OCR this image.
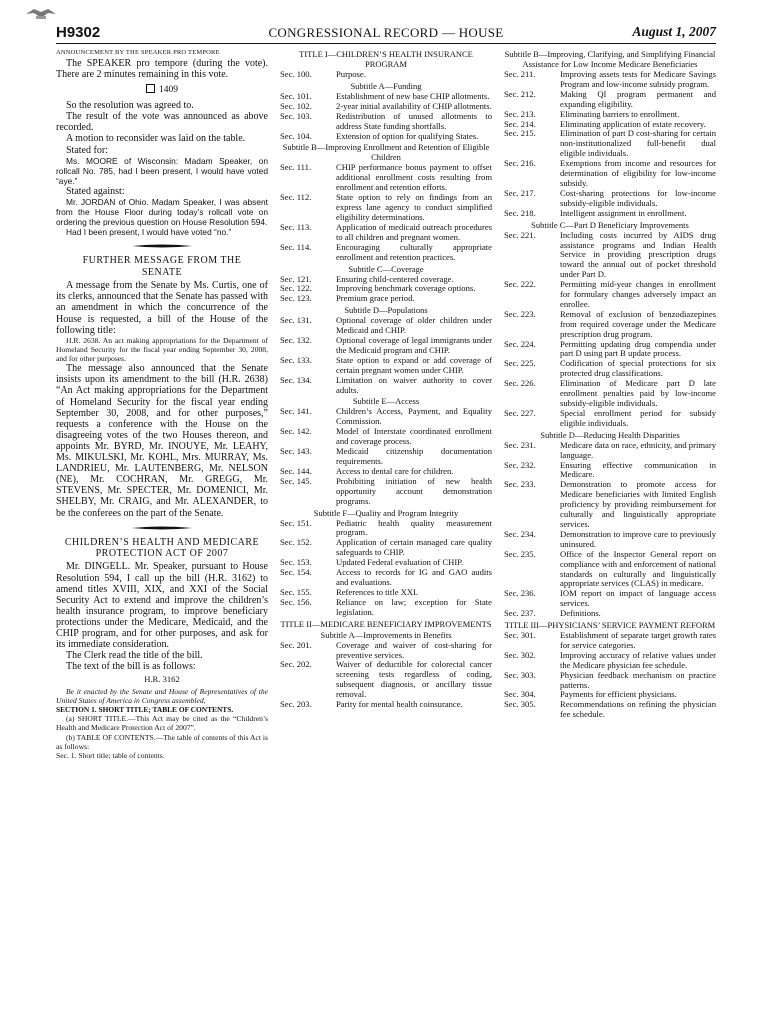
H9302	CONGRESSIONAL RECORD — HOUSE	August 1, 2007
ANNOUNCEMENT BY THE SPEAKER PRO TEMPORE

The SPEAKER pro tempore (during the vote). There are 2 minutes remaining in this vote.

1409

So the resolution was agreed to.

The result of the vote was announced as above recorded.

A motion to reconsider was laid on the table.

Stated for:

Ms. MOORE of Wisconsin: Madam Speaker, on rollcall No. 785, had I been present, I would have voted “aye.”

Stated against:

Mr. JORDAN of Ohio. Madam Speaker, I was absent from the House Floor during today’s rollcall vote on ordering the previous question on House Resolution 594.

Had I been present, I would have voted “no.”

FURTHER MESSAGE FROM THE SENATE

A message from the Senate by Ms. Curtis, one of its clerks, announced that the Senate has passed with an amendment in which the concurrence of the House is requested, a bill of the House of the following title:

H.R. 2638. An act making appropriations for the Department of Homeland Security for the fiscal year ending September 30, 2008, and for other purposes.

The message also announced that the Senate insists upon its amendment to the bill (H.R. 2638) “An Act making appropriations for the Department of Homeland Security for the fiscal year ending September 30, 2008, and for other purposes,” requests a conference with the House on the disagreeing votes of the two Houses thereon, and appoints Mr. BYRD, Mr. INOUYE, Mr. LEAHY, Ms. MIKULSKI, Mr. KOHL, Mrs. MURRAY, Ms. LANDRIEU, Mr. LAUTENBERG, Mr. NELSON (NE), Mr. COCHRAN, Mr. GREGG, Mr. STEVENS, Mr. SPECTER, Mr. DOMENICI, Mr. SHELBY, Mr. CRAIG, and Mr. ALEXANDER, to be the conferees on the part of the Senate.

CHILDREN’S HEALTH AND MEDICARE PROTECTION ACT OF 2007

Mr. DINGELL. Mr. Speaker, pursuant to House Resolution 594, I call up the bill (H.R. 3162) to amend titles XVIII, XIX, and XXI of the Social Security Act to extend and improve the children’s health insurance program, to improve beneficiary protections under the Medicare, Medicaid, and the CHIP program, and for other purposes, and ask for its immediate consideration.

The Clerk read the title of the bill.

The text of the bill is as follows:

H.R. 3162

Be it enacted by the Senate and House of Representatives of the United States of America in Congress assembled,

SECTION 1. SHORT TITLE; TABLE OF CONTENTS.

(a) SHORT TITLE.—This Act may be cited as the “Children’s Health and Medicare Protection Act of 2007”.

(b) TABLE OF CONTENTS.—The table of contents of this Act is as follows:

Sec. 1. Short title; table of contents.

TITLE I—CHILDREN’S HEALTH INSURANCE PROGRAM
Sec. 100.	Purpose.
Subtitle A—Funding
Sec. 101.	Establishment of new base CHIP allotments.
Sec. 102.	2-year initial availability of CHIP allotments.
Sec. 103.	Redistribution of unused allotments to address State funding shortfalls.
Sec. 104.	Extension of option for qualifying States.
Subtitle B—Improving Enrollment and Retention of Eligible Children
Sec. 111.	CHIP performance bonus payment to offset additional enrollment costs resulting from enrollment and retention efforts.
Sec. 112.	State option to rely on findings from an express lane agency to conduct simplified eligibility determinations.
Sec. 113.	Application of medicaid outreach procedures to all children and pregnant women.
Sec. 114.	Encouraging culturally appropriate enrollment and retention practices.
Subtitle C—Coverage
Sec. 121.	Ensuring child-centered coverage.
Sec. 122.	Improving benchmark coverage options.
Sec. 123.	Premium grace period.
Subtitle D—Populations
Sec. 131.	Optional coverage of older children under Medicaid and CHIP.
Sec. 132.	Optional coverage of legal immigrants under the Medicaid program and CHIP.
Sec. 133.	State option to expand or add coverage of certain pregnant women under CHIP.
Sec. 134.	Limitation on waiver authority to cover adults.
Subtitle E—Access
Sec. 141.	Children’s Access, Payment, and Equality Commission.
Sec. 142.	Model of Interstate coordinated enrollment and coverage process.
Sec. 143.	Medicaid citizenship documentation requirements.
Sec. 144.	Access to dental care for children.
Sec. 145.	Prohibiting initiation of new health opportunity account demonstration programs.
Subtitle F—Quality and Program Integrity
Sec. 151.	Pediatric health quality measurement program.
Sec. 152.	Application of certain managed care quality safeguards to CHIP.
Sec. 153.	Updated Federal evaluation of CHIP.
Sec. 154.	Access to records for IG and GAO audits and evaluations.
Sec. 155.	References to title XXI.
Sec. 156.	Reliance on law; exception for State legislation.
TITLE II—MEDICARE BENEFICIARY IMPROVEMENTS
Subtitle A—Improvements in Benefits
Sec. 201.	Coverage and waiver of cost-sharing for preventive services.
Sec. 202.	Waiver of deductible for colorectal cancer screening tests regardless of coding, subsequent diagnosis, or ancillary tissue removal.
Sec. 203.	Parity for mental health coinsurance.
Subtitle B—Improving, Clarifying, and Simplifying Financial Assistance for Low Income Medicare Beneficiaries
Sec. 211.	Improving assets tests for Medicare Savings Program and low-income subsidy program.
Sec. 212.	Making QI program permanent and expanding eligibility.
Sec. 213.	Eliminating barriers to enrollment.
Sec. 214.	Eliminating application of estate recovery.
Sec. 215.	Elimination of part D cost-sharing for certain non-institutionalized full-benefit dual eligible individuals.
Sec. 216.	Exemptions from income and resources for determination of eligibility for low-income subsidy.
Sec. 217.	Cost-sharing protections for low-income subsidy-eligible individuals.
Sec. 218.	Intelligent assignment in enrollment.
Subtitle C—Part D Beneficiary Improvements
Sec. 221.	Including costs incurred by AIDS drug assistance programs and Indian Health Service in providing prescription drugs toward the annual out of pocket threshold under Part D.
Sec. 222.	Permitting mid-year changes in enrollment for formulary changes adversely impact an enrollee.
Sec. 223.	Removal of exclusion of benzodiazepines from required coverage under the Medicare prescription drug program.
Sec. 224.	Permitting updating drug compendia under part D using part B update process.
Sec. 225.	Codification of special protections for six protected drug classifications.
Sec. 226.	Elimination of Medicare part D late enrollment penalties paid by low-income subsidy-eligible individuals.
Sec. 227.	Special enrollment period for subsidy eligible individuals.
Subtitle D—Reducing Health Disparities
Sec. 231.	Medicare data on race, ethnicity, and primary language.
Sec. 232.	Ensuring effective communication in Medicare.
Sec. 233.	Demonstration to promote access for Medicare beneficiaries with limited English proficiency by providing reimbursement for culturally and linguistically appropriate services.
Sec. 234.	Demonstration to improve care to previously uninsured.
Sec. 235.	Office of the Inspector General report on compliance with and enforcement of national standards on culturally and linguistically appropriate services (CLAS) in medicare.
Sec. 236.	IOM report on impact of language access services.
Sec. 237.	Definitions.
TITLE III—PHYSICIANS’ SERVICE PAYMENT REFORM
Sec. 301.	Establishment of separate target growth rates for service categories.
Sec. 302.	Improving accuracy of relative values under the Medicare physician fee schedule.
Sec. 303.	Physician feedback mechanism on practice patterns.
Sec. 304.	Payments for efficient physicians.
Sec. 305.	Recommendations on refining the physician fee schedule.
